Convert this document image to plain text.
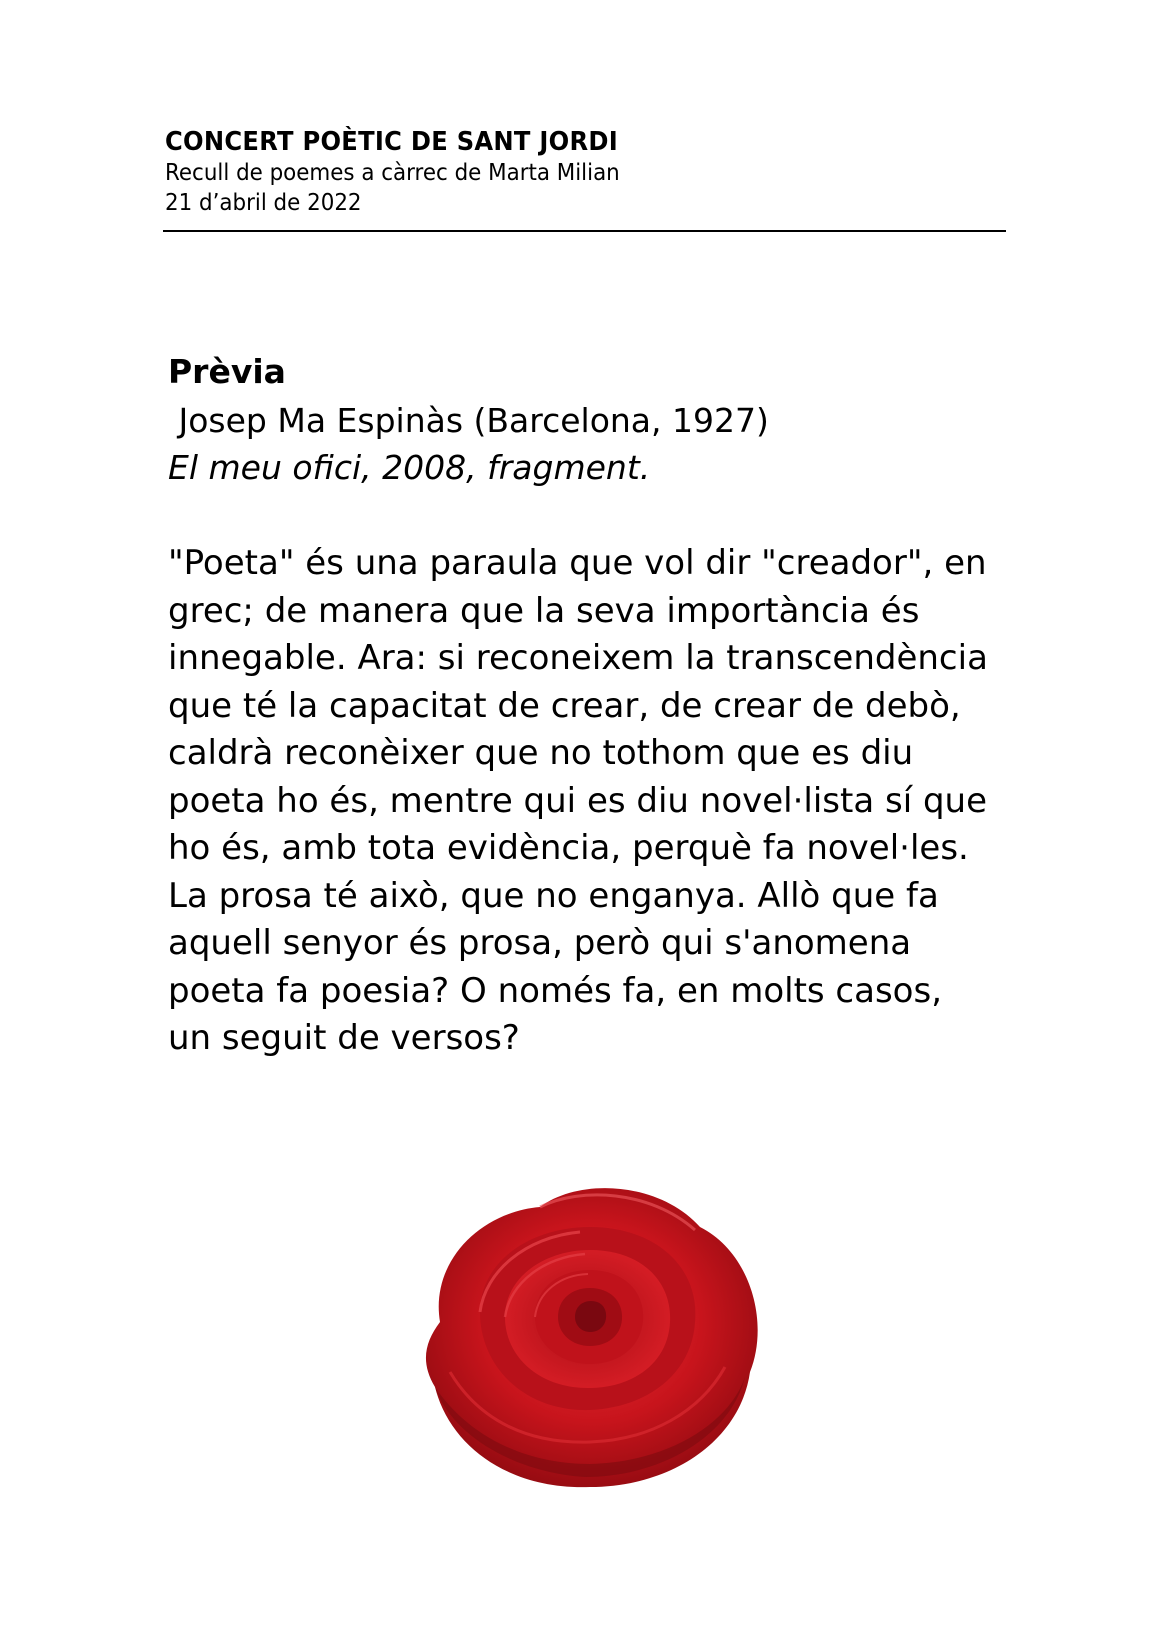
CONCERT POÈTIC DE SANT JORDI
Recull de poemes a càrrec de Marta Milian
21 d’abril de 2022
Prèvia
Josep Ma Espinàs (Barcelona, 1927)
El meu ofici, 2008, fragment.
"Poeta" és una paraula que vol dir "creador", en
grec; de manera que la seva importància és
innegable. Ara: si reconeixem la transcendència
que té la capacitat de crear, de crear de debò,
caldrà reconèixer que no tothom que es diu
poeta ho és, mentre qui es diu novel·lista sí que
ho és, amb tota evidència, perquè fa novel·les.
La prosa té això, que no enganya. Allò que fa
aquell senyor és prosa, però qui s'anomena
poeta fa poesia? O només fa, en molts casos,
un seguit de versos?
